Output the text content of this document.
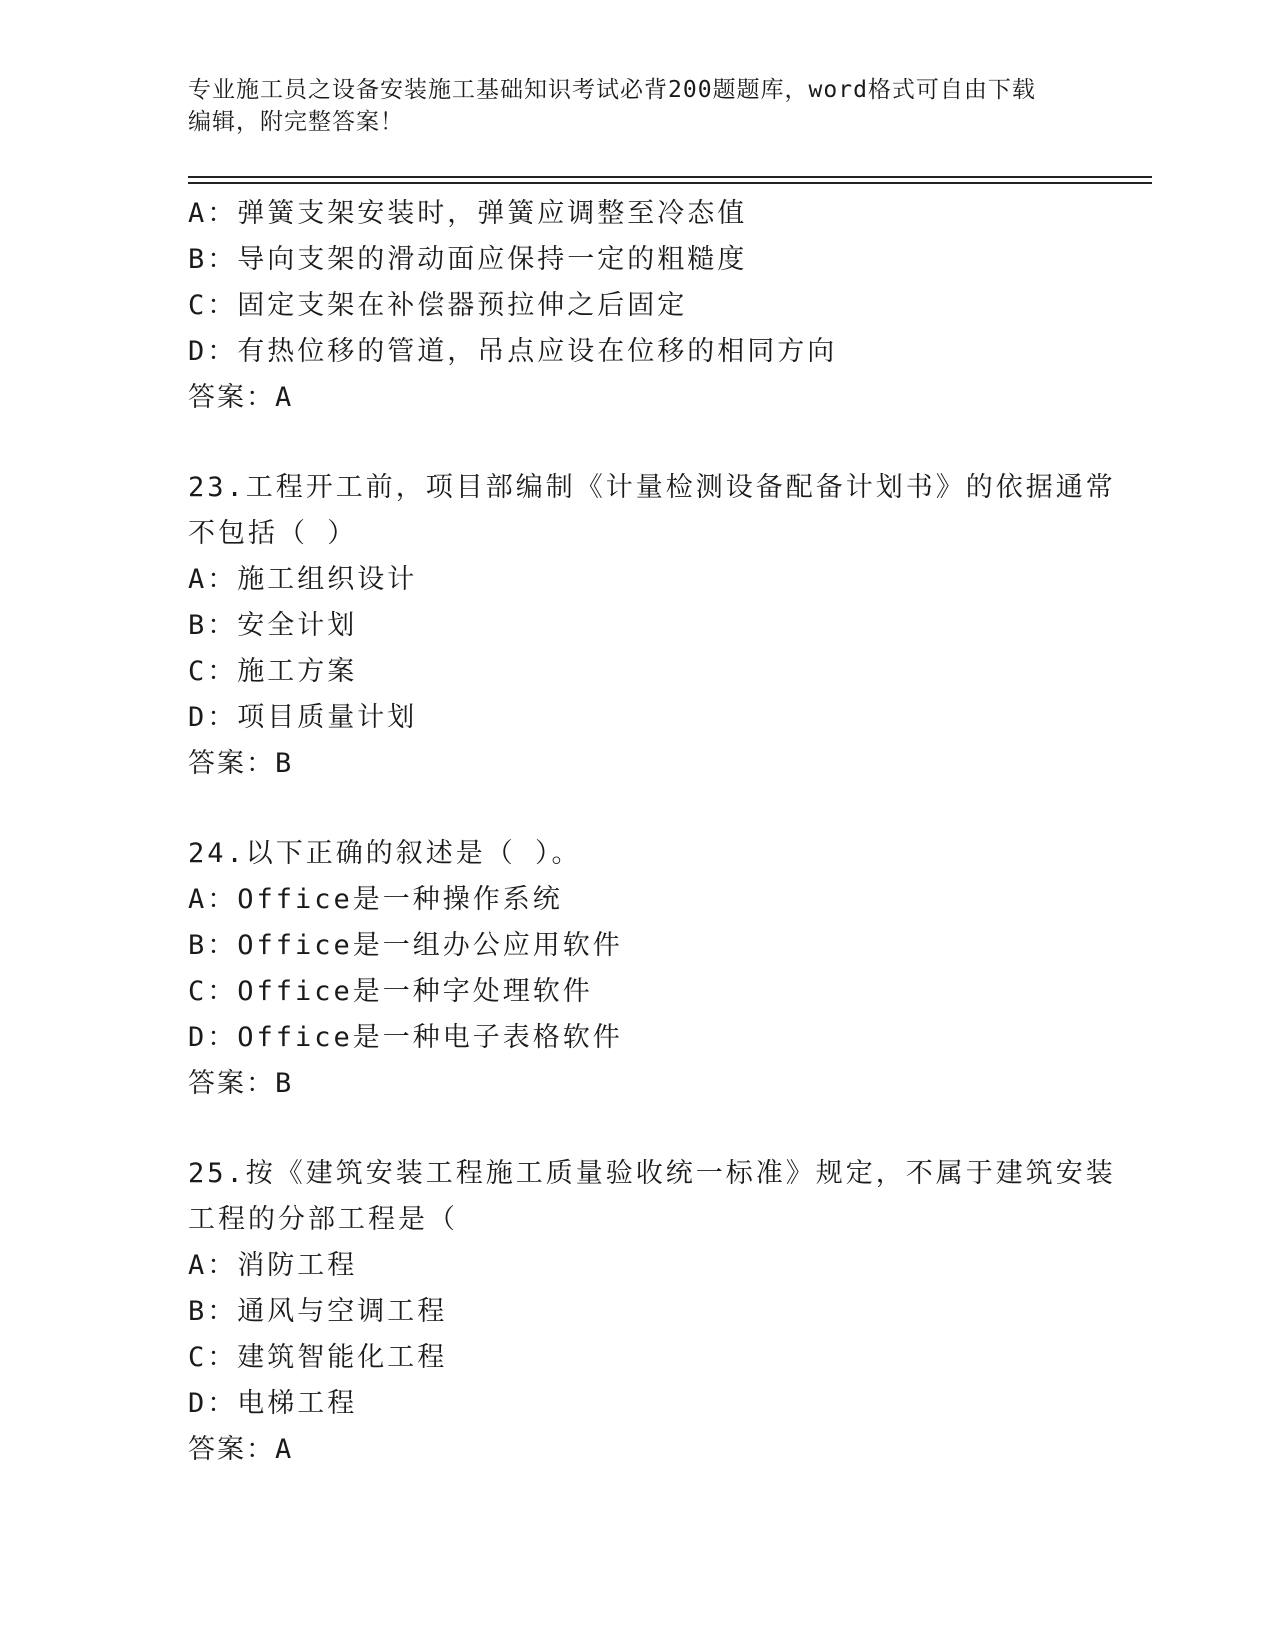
专业施工员之设备安装施工基础知识考试必背200题题库，word格式可自由下载
编辑，附完整答案！
A：弹簧支架安装时，弹簧应调整至冷态值
B：导向支架的滑动面应保持一定的粗糙度
C：固定支架在补偿器预拉伸之后固定
D：有热位移的管道，吊点应设在位移的相同方向
答案：A
23.工程开工前，项目部编制《计量检测设备配备计划书》的依据通常
不包括（ ）
A：施工组织设计
B：安全计划
C：施工方案
D：项目质量计划
答案：B
24.以下正确的叙述是（ ）。
A：Office是一种操作系统
B：Office是一组办公应用软件
C：Office是一种字处理软件
D：Office是一种电子表格软件
答案：B
25.按《建筑安装工程施工质量验收统一标准》规定，不属于建筑安装
工程的分部工程是（
A：消防工程
B：通风与空调工程
C：建筑智能化工程
D：电梯工程
答案：A
